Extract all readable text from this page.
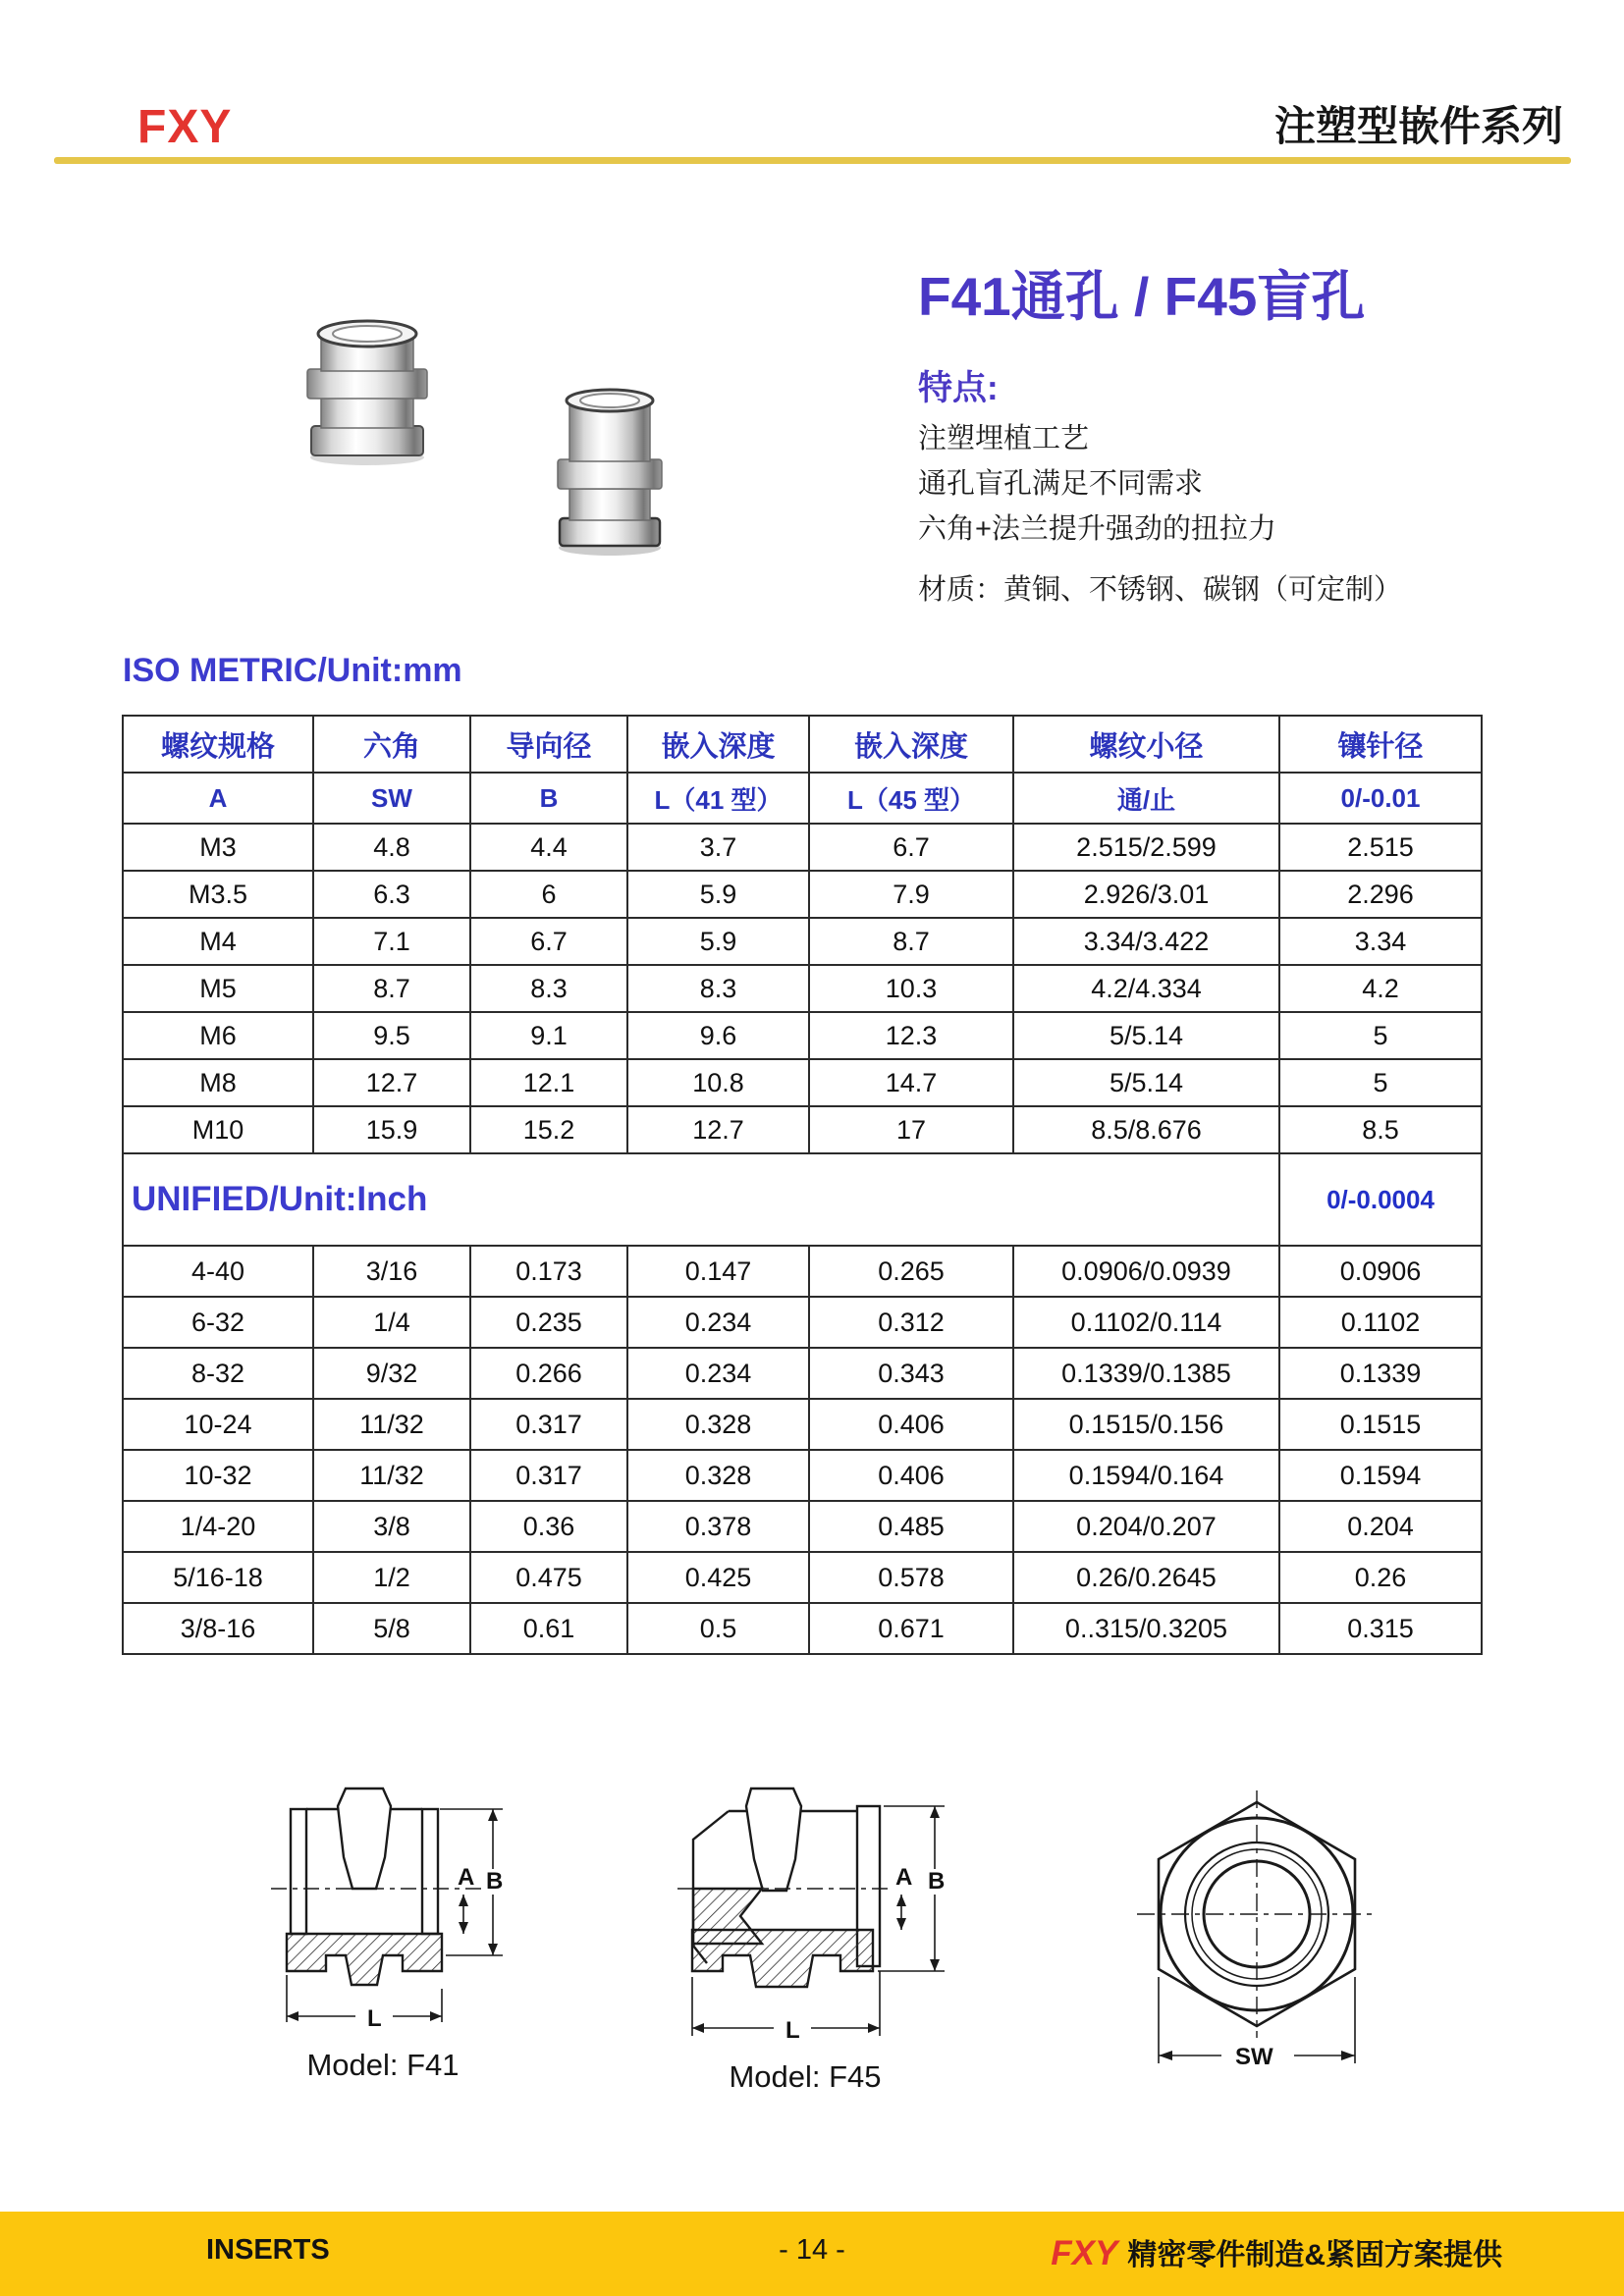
FXY	注塑型嵌件系列
F41通孔 / F45盲孔
特点:
注塑埋植工艺
通孔盲孔满足不同需求
六角+法兰提升强劲的扭拉力
材质：黄铜、不锈钢、碳钢（可定制）
ISO METRIC/Unit:mm
螺纹规格	六角	导向径	嵌入深度	嵌入深度	螺纹小径	镶针径
A	SW	B	L（41 型）	L（45 型）	通/止	0/-0.01
M3	4.8	4.4	3.7	6.7	2.515/2.599	2.515
M3.5	6.3	6	5.9	7.9	2.926/3.01	2.296
M4	7.1	6.7	5.9	8.7	3.34/3.422	3.34
M5	8.7	8.3	8.3	10.3	4.2/4.334	4.2
M6	9.5	9.1	9.6	12.3	5/5.14	5
M8	12.7	12.1	10.8	14.7	5/5.14	5
M10	15.9	15.2	12.7	17	8.5/8.676	8.5
UNIFIED/Unit:Inch						0/-0.0004
4-40	3/16	0.173	0.147	0.265	0.0906/0.0939	0.0906
6-32	1/4	0.235	0.234	0.312	0.1102/0.114	0.1102
8-32	9/32	0.266	0.234	0.343	0.1339/0.1385	0.1339
10-24	11/32	0.317	0.328	0.406	0.1515/0.156	0.1515
10-32	11/32	0.317	0.328	0.406	0.1594/0.164	0.1594
1/4-20	3/8	0.36	0.378	0.485	0.204/0.207	0.204
5/16-18	1/2	0.475	0.425	0.578	0.26/0.2645	0.26
3/8-16	5/8	0.61	0.5	0.671	0..315/0.3205	0.315
A B
L
Model: F41
A B
L
Model: F45
SW
INSERTS	- 14 -	FXY 精密零件制造&紧固方案提供
